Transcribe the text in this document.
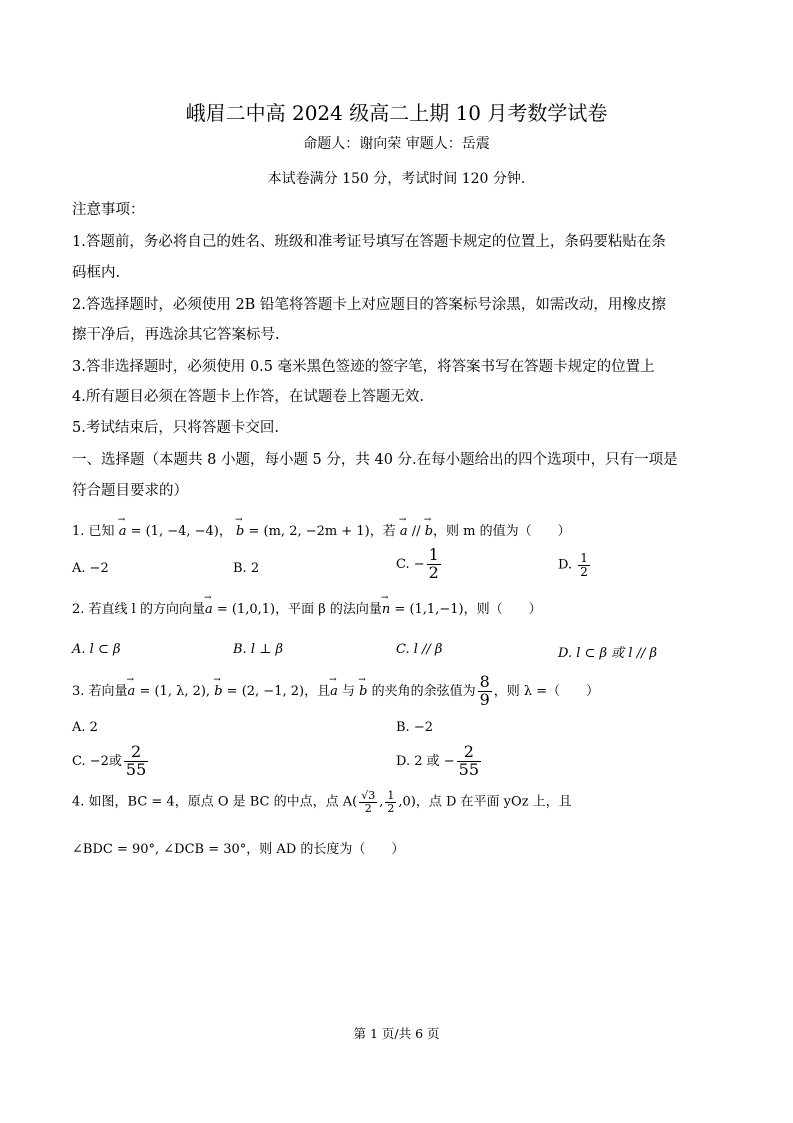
峨眉二中高 2024 级高二上期 10 月考数学试卷
命题人：谢向荣 审题人：岳震
本试卷满分 150 分，考试时间 120 分钟.
注意事项：
1.答题前，务必将自己的姓名、班级和准考证号填写在答题卡规定的位置上，条码要粘贴在条
码框内.
2.答选择题时，必须使用 2B 铅笔将答题卡上对应题目的答案标号涂黑，如需改动，用橡皮擦
擦干净后，再选涂其它答案标号.
3.答非选择题时，必须使用 0.5 毫米黑色签迹的签字笔，将答案书写在答题卡规定的位置上
4.所有题目必须在答题卡上作答，在试题卷上答题无效.
5.考试结束后，只将答题卡交回.
一、选择题（本题共 8 小题，每小题 5 分，共 40 分.在每小题给出的四个选项中，只有一项是
符合题目要求的）
1. 已知 → a = (1, −4, −4)， → b = (m, 2, −2m + 1)，若 → a // → b，则 m 的值为（　　）
A. −2	B. 2	C. − $\frac{1}{2}$	D. $\frac{1}{2}$
2. 若直线 l 的方向向量→ a = (1,0,1)，平面 β 的法向量→ n = (1,1,−1)，则（　　）
A. l ⊂ β	B. l ⊥ β	C. l // β	D. l ⊂ β 或 l // β
3. 若向量→ a = (1, λ, 2), → b = (2, −1, 2)，且→ a 与 → b 的夹角的余弦值为 $\frac{8}{9}$ ，则 λ =（　　）
A. 2	B. −2
C. −2或 $\frac{2}{55}$	D. 2 或 − $\frac{2}{55}$
4. 如图，BC = 4，原点 O 是 BC 的中点，点 $A( \frac{√3}{2}$ , $\frac{1}{2} ,0$)，点 D 在平面 yOz 上，且
∠BDC = 90°, ∠DCB = 30°，则 AD 的长度为（　　）
第 1 页/共 6 页
